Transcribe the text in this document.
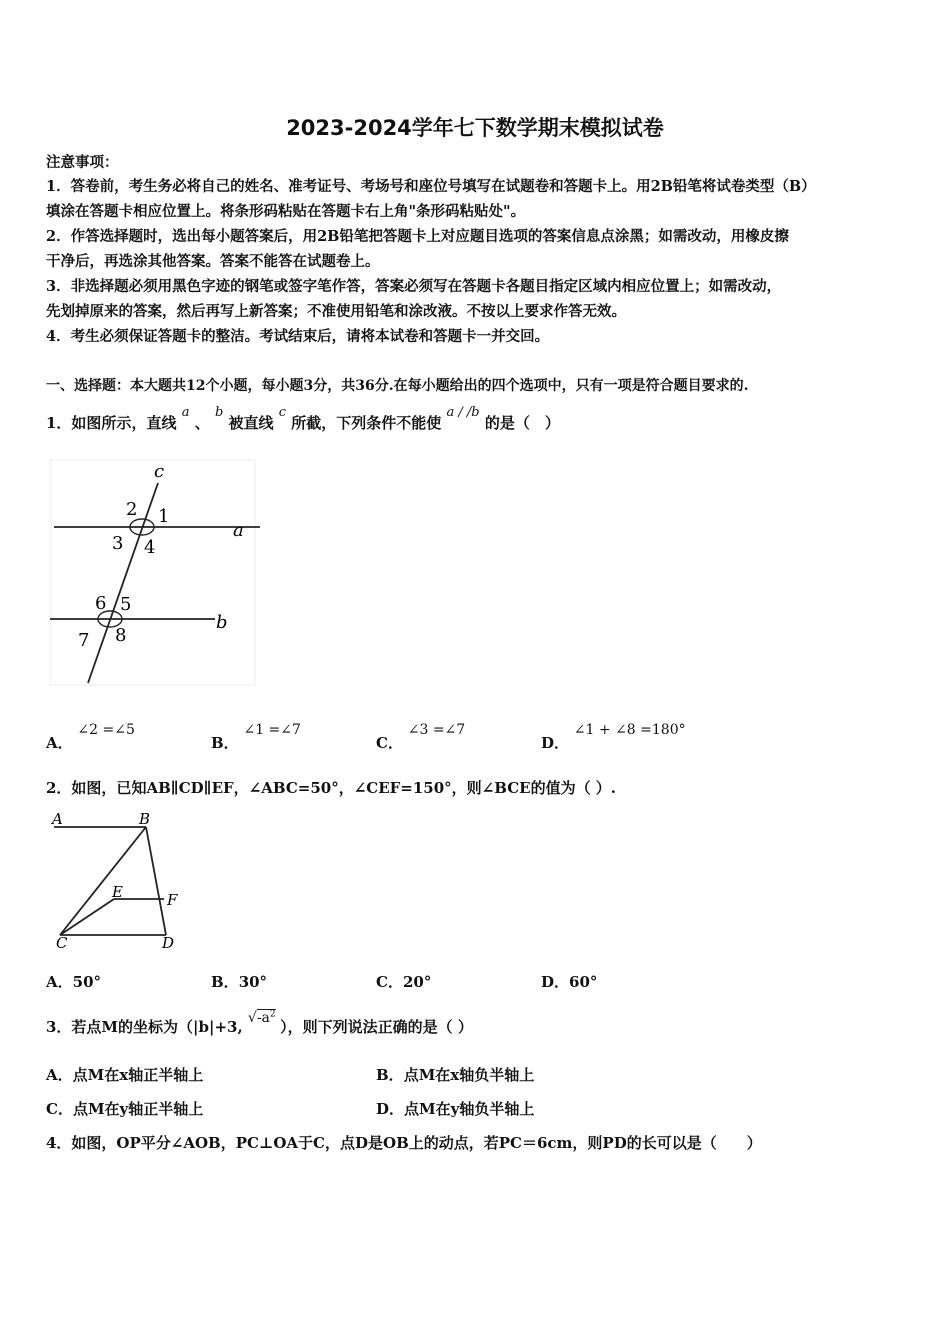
2023-2024学年七下数学期末模拟试卷
注意事项：
1．答卷前，考生务必将自己的姓名、准考证号、考场号和座位号填写在试题卷和答题卡上。用2B铅笔将试卷类型（B）
填涂在答题卡相应位置上。将条形码粘贴在答题卡右上角"条形码粘贴处"。
2．作答选择题时，选出每小题答案后，用2B铅笔把答题卡上对应题目选项的答案信息点涂黑；如需改动，用橡皮擦
干净后，再选涂其他答案。答案不能答在试题卷上。
3．非选择题必须用黑色字迹的钢笔或签字笔作答，答案必须写在答题卡各题目指定区域内相应位置上；如需改动，
先划掉原来的答案，然后再写上新答案；不准使用铅笔和涂改液。不按以上要求作答无效。
4．考生必须保证答题卡的整洁。考试结束后，请将本试卷和答题卡一并交回。
一、选择题：本大题共12个小题，每小题3分，共36分.在每小题给出的四个选项中，只有一项是符合题目要求的.
1．如图所示，直线 a 、 b 被直线 c 所截，下列条件不能使 a / /b 的是（　）
c
a
b
2 1
3 4
6 5
7 8
A． ∠2 =∠5
B． ∠1 =∠7
C． ∠3 =∠7
D． ∠1 + ∠8 =180°
2．如图，已知AB∥CD∥EF，∠ABC=50°，∠CEF=150°，则∠BCE的值为（ ）.
A	B
C	D
E	F
A．50°	B．30°	C．20°	D．60°
3．若点M的坐标为（|b|+3, $√-a^2$ ），则下列说法正确的是（ ）
A．点M在x轴正半轴上	B．点M在x轴负半轴上
C．点M在y轴正半轴上	D．点M在y轴负半轴上
4．如图，OP平分∠AOB，PC⊥OA于C，点D是OB上的动点，若PC＝6cm，则PD的长可以是（　　）
